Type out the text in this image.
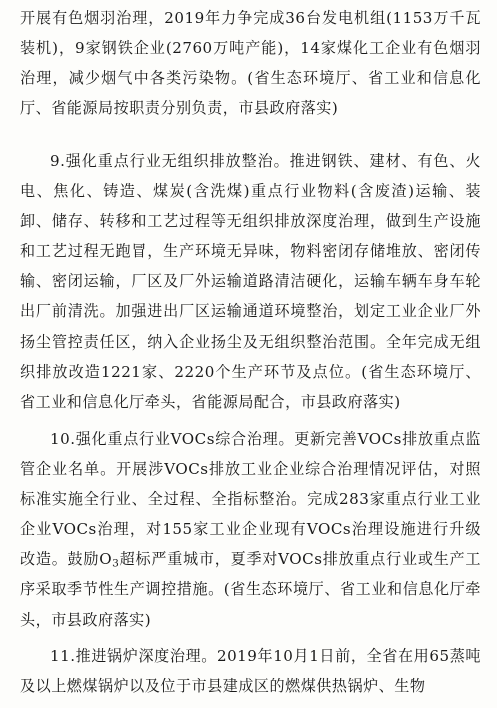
开展有色烟羽治理，2019年力争完成36台发电机组(1153万千瓦装机)，9家钢铁企业(2760万吨产能)，14家煤化工企业有色烟羽治理，减少烟气中各类污染物。(省生态环境厅、省工业和信息化厅、省能源局按职责分别负责，市县政府落实)

9.强化重点行业无组织排放整治。推进钢铁、建材、有色、火电、焦化、铸造、煤炭(含洗煤)重点行业物料(含废渣)运输、装卸、储存、转移和工艺过程等无组织排放深度治理，做到生产设施和工艺过程无跑冒，生产环境无异味，物料密闭存储堆放、密闭传输、密闭运输，厂区及厂外运输道路清洁硬化，运输车辆车身车轮出厂前清洗。加强进出厂区运输通道环境整治，划定工业企业厂外扬尘管控责任区，纳入企业扬尘及无组织整治范围。全年完成无组织排放改造1221家、2220个生产环节及点位。(省生态环境厅、省工业和信息化厅牵头，省能源局配合，市县政府落实)

10.强化重点行业VOCs综合治理。更新完善VOCs排放重点监管企业名单。开展涉VOCs排放工业企业综合治理情况评估，对照标准实施全行业、全过程、全指标整治。完成283家重点行业工业企业VOCs治理，对155家工业企业现有VOCs治理设施进行升级改造。鼓励$O_3$超标严重城市，夏季对VOCs排放重点行业或生产工序采取季节性生产调控措施。(省生态环境厅、省工业和信息化厅牵头，市县政府落实)

11.推进锅炉深度治理。2019年10月1日前，全省在用65蒸吨及以上燃煤锅炉以及位于市县建成区的燃煤供热锅炉、生物
